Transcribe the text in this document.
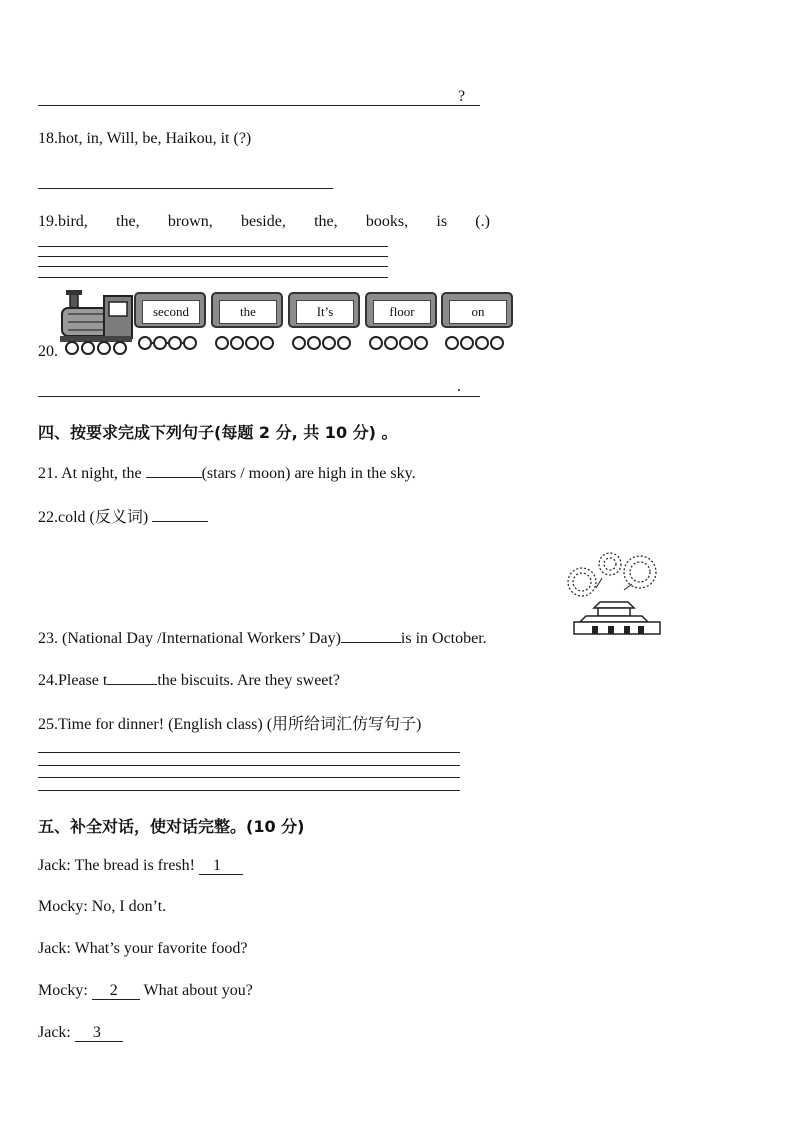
?
18.hot, in, Will, be, Haikou, it (?)
19.bird, the, brown, beside, the, books, is (.)
20.
second	the	It’s	floor	on
.
四、按要求完成下列句子(每题 2 分, 共 10 分) 。
21. At night, the	(stars / moon) are high in the sky.
22.cold (反义词)
23. (National Day /International Workers’ Day)	is in October.
24.Please t	the biscuits. Are they sweet?
25.Time for dinner! (English class) (用所给词汇仿写句子)
五、补全对话，使对话完整。(10 分)
Jack: The bread is fresh! 1
Mocky: No, I don’t.
Jack: What’s your favorite food?
Mocky: 2 What about you?
Jack: 3
